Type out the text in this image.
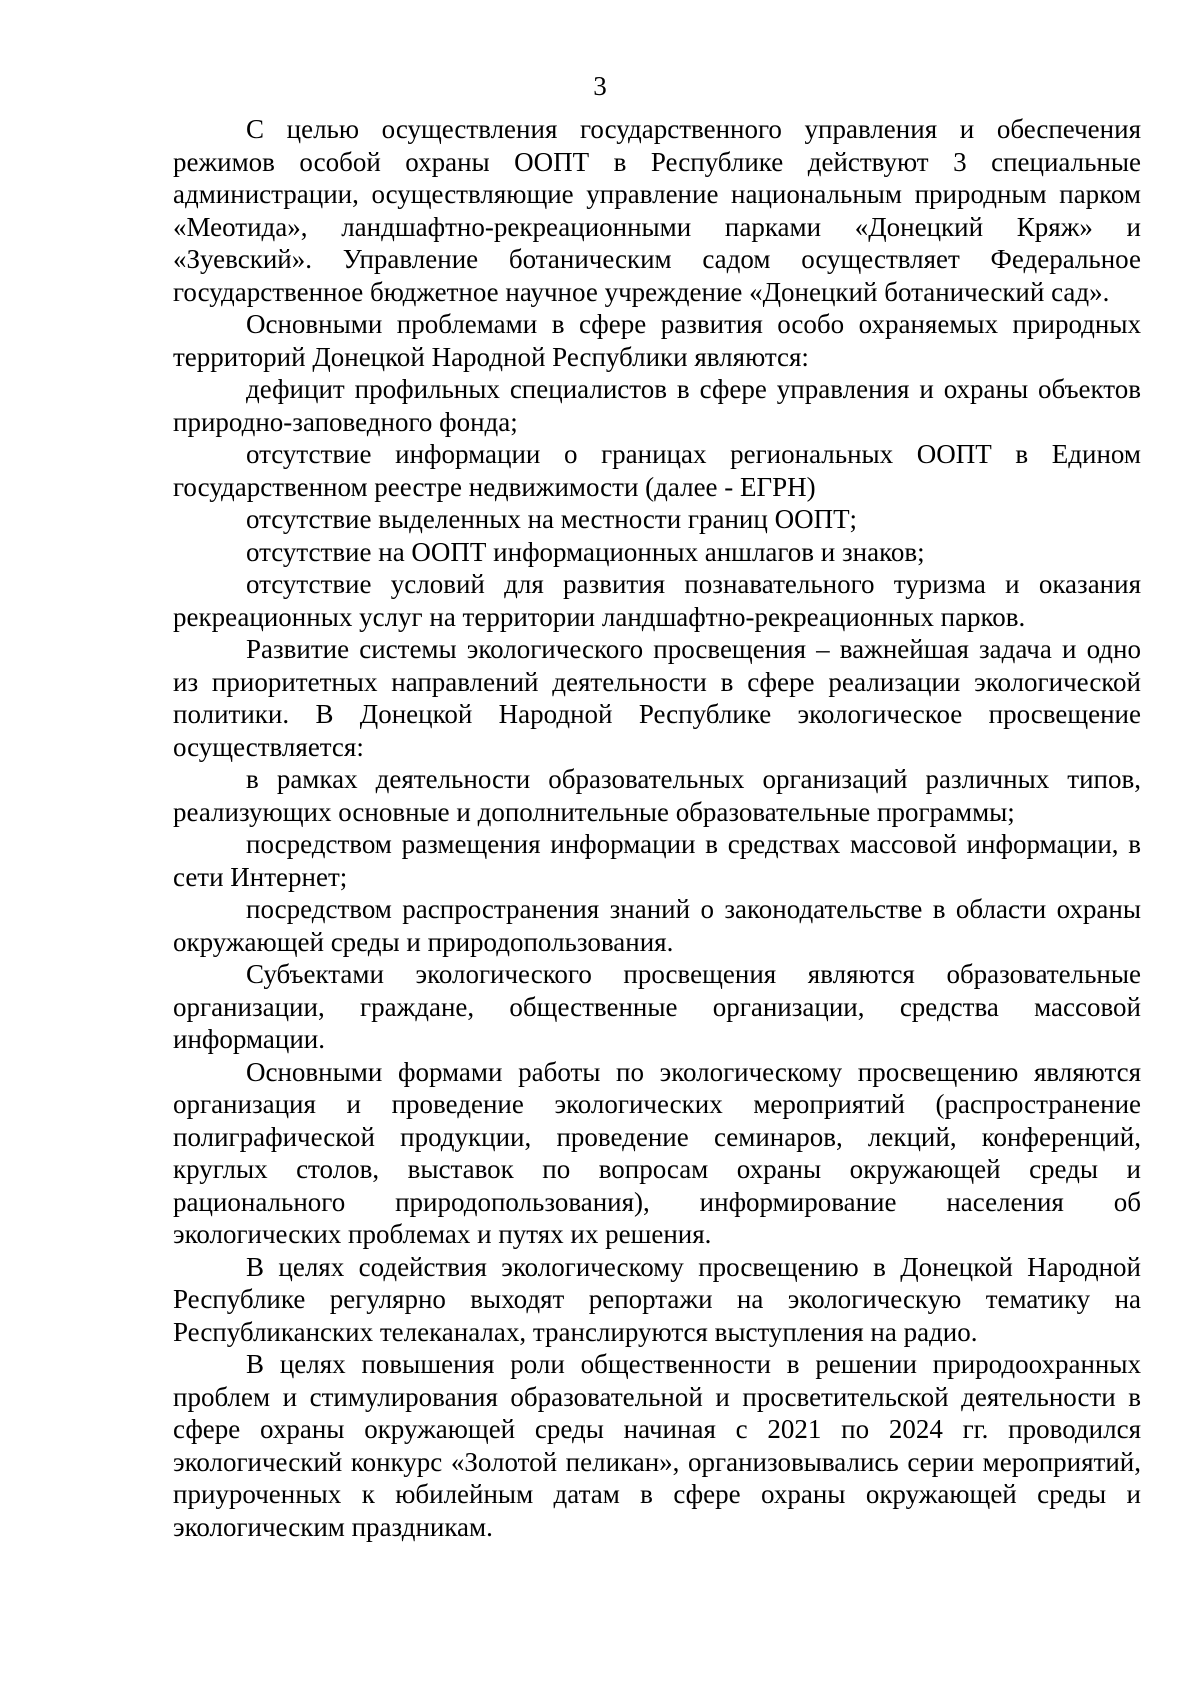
3

С целью осуществления государственного управления и обеспечения режимов особой охраны ООПТ в Республике действуют 3 специальные администрации, осуществляющие управление национальным природным парком «Меотида», ландшафтно-рекреационными парками «Донецкий Кряж» и «Зуевский». Управление ботаническим садом осуществляет Федеральное государственное бюджетное научное учреждение «Донецкий ботанический сад».

Основными проблемами в сфере развития особо охраняемых природных территорий Донецкой Народной Республики являются:

дефицит профильных специалистов в сфере управления и охраны объектов природно-заповедного фонда;

отсутствие информации о границах региональных ООПТ в Едином государственном реестре недвижимости (далее - ЕГРН)

отсутствие выделенных на местности границ ООПТ;

отсутствие на ООПТ информационных аншлагов и знаков;

отсутствие условий для развития познавательного туризма и оказания рекреационных услуг на территории ландшафтно-рекреационных парков.

Развитие системы экологического просвещения – важнейшая задача и одно из приоритетных направлений деятельности в сфере реализации экологической политики. В Донецкой Народной Республике экологическое просвещение осуществляется:

в рамках деятельности образовательных организаций различных типов, реализующих основные и дополнительные образовательные программы;

посредством размещения информации в средствах массовой информации, в сети Интернет;

посредством распространения знаний о законодательстве в области охраны окружающей среды и природопользования.

Субъектами экологического просвещения являются образовательные организации, граждане, общественные организации, средства массовой информации.

Основными формами работы по экологическому просвещению являются организация и проведение экологических мероприятий (распространение полиграфической продукции, проведение семинаров, лекций, конференций, круглых столов, выставок по вопросам охраны окружающей среды и рационального природопользования), информирование населения об экологических проблемах и путях их решения.

В целях содействия экологическому просвещению в Донецкой Народной Республике регулярно выходят репортажи на экологическую тематику на Республиканских телеканалах, транслируются выступления на радио.

В целях повышения роли общественности в решении природоохранных проблем и стимулирования образовательной и просветительской деятельности в сфере охраны окружающей среды начиная с 2021 по 2024 гг. проводился экологический конкурс «Золотой пеликан», организовывались серии мероприятий, приуроченных к юбилейным датам в сфере охраны окружающей среды и экологическим праздникам.
